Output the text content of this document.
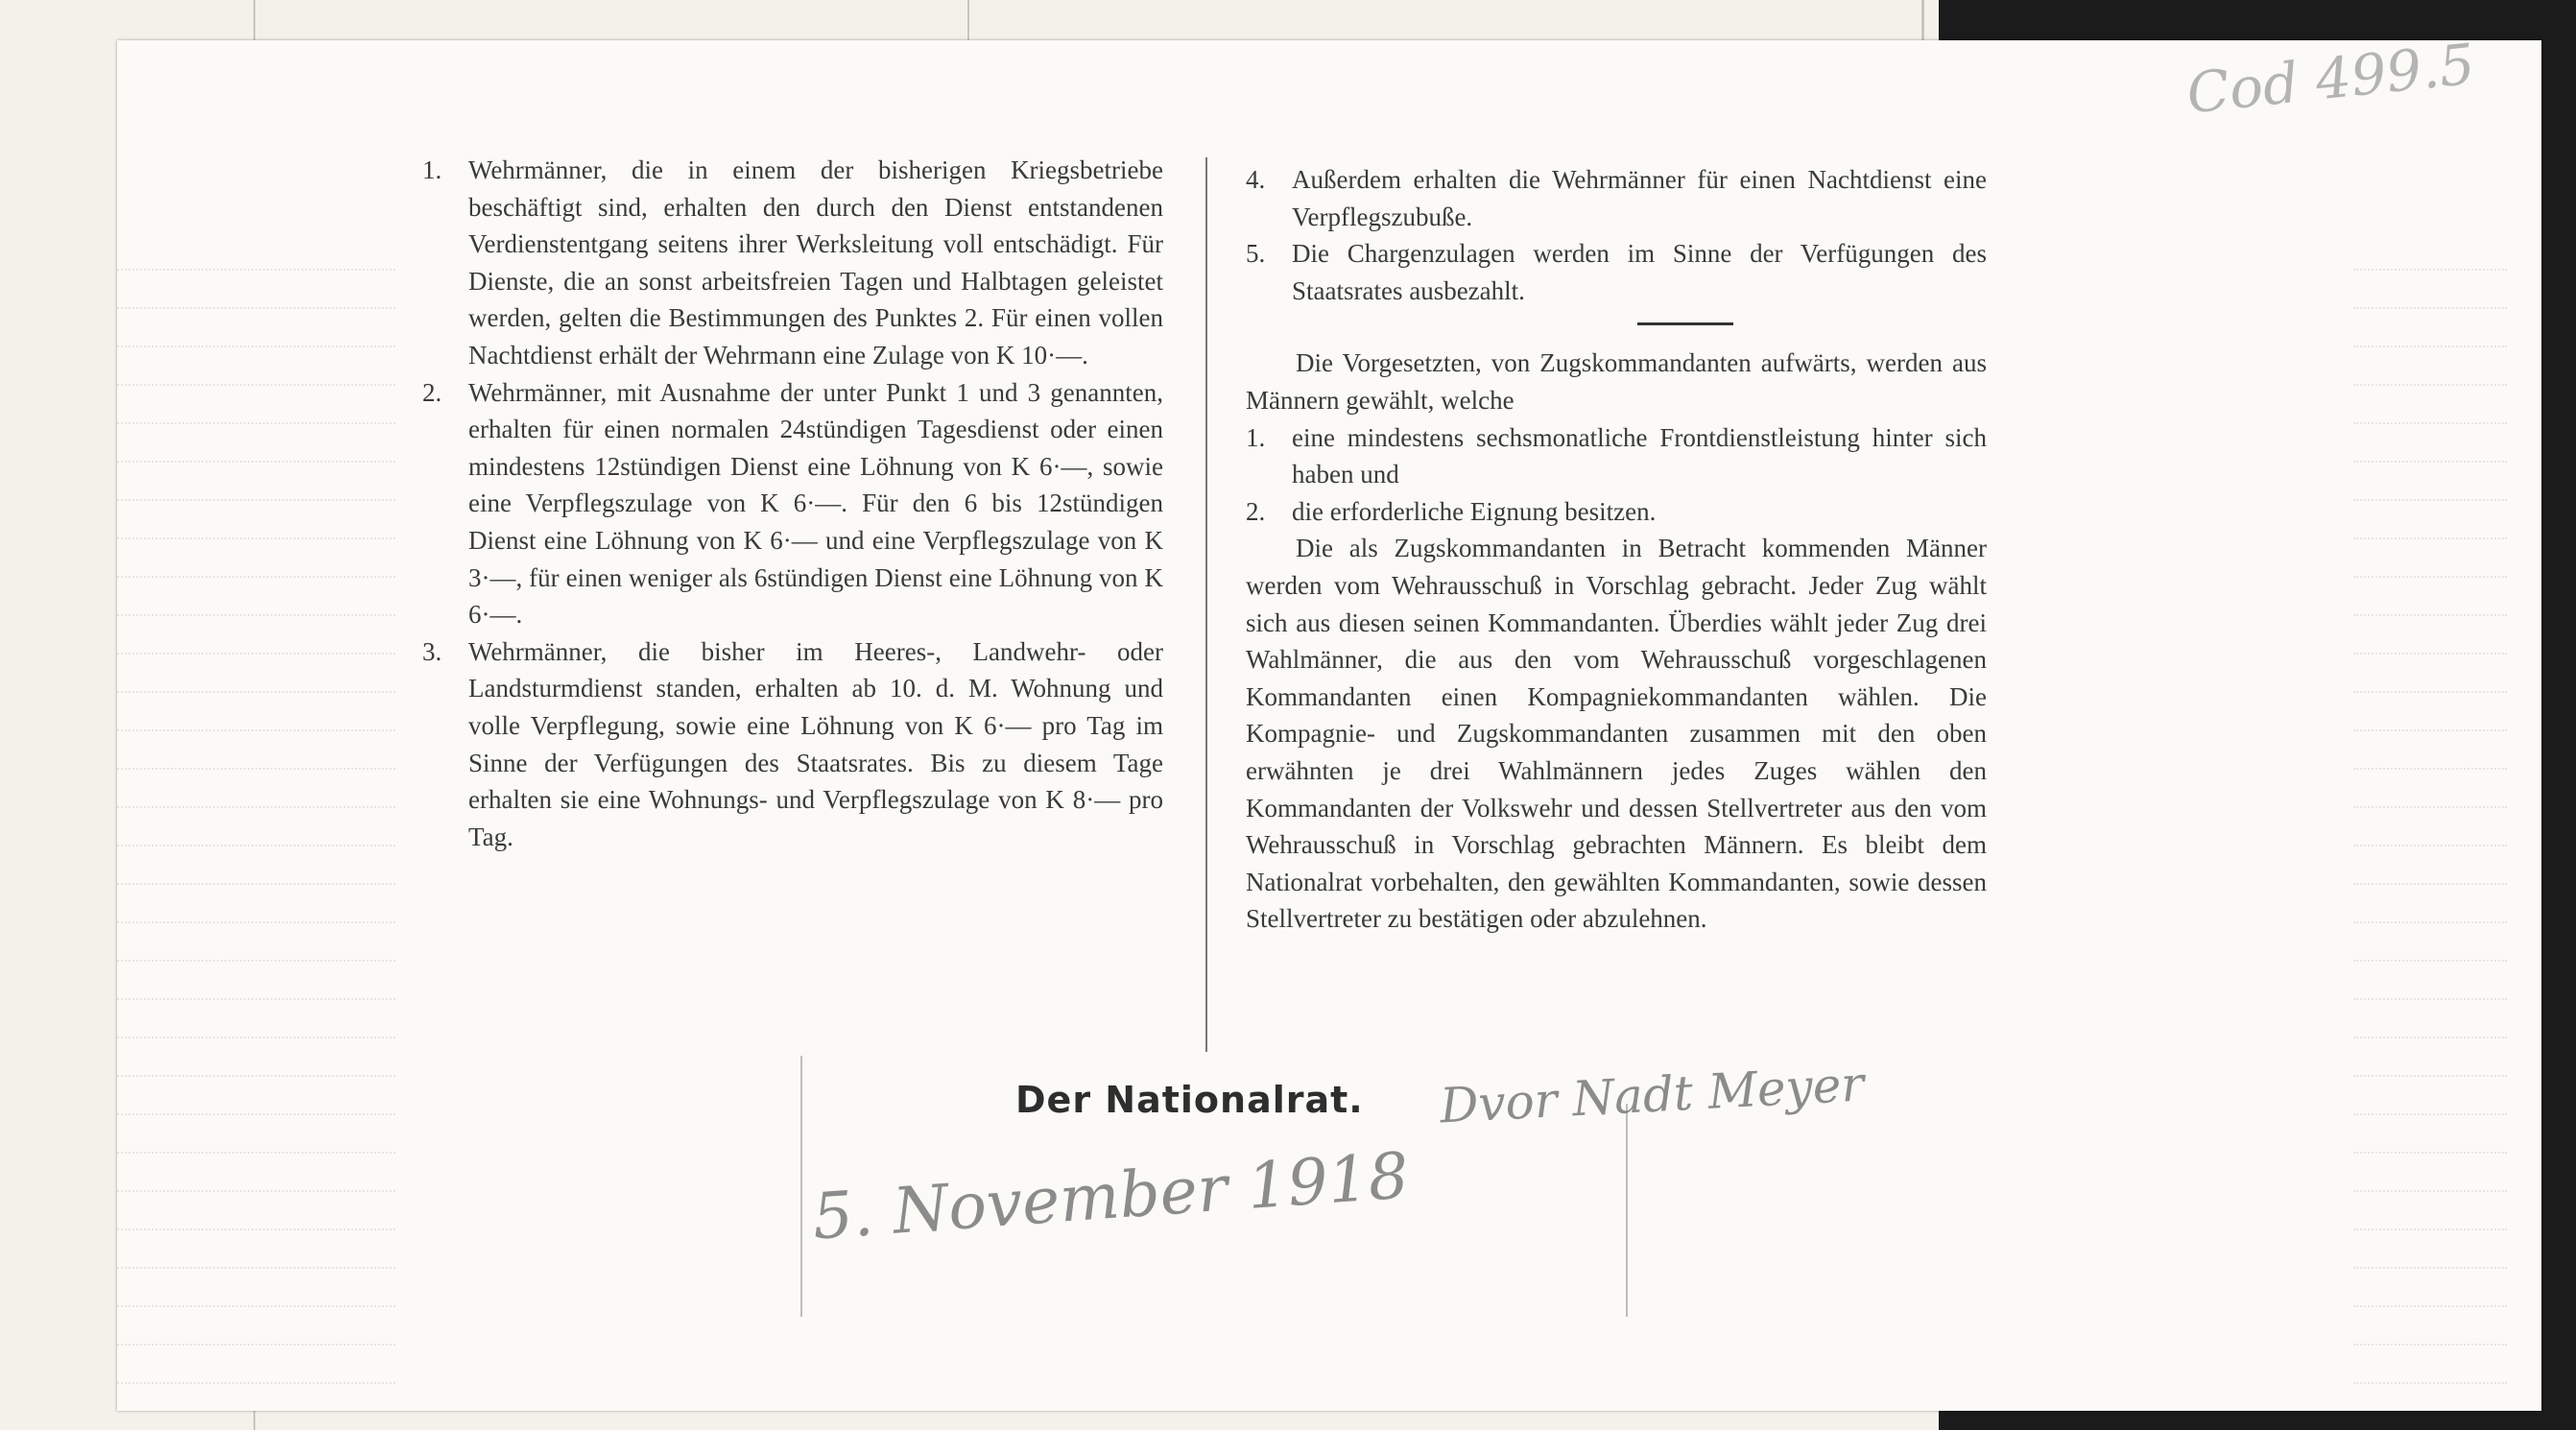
Cod 499.5

1. Wehrmänner, die in einem der bisherigen Kriegsbetriebe beschäftigt sind, erhalten den durch den Dienst entstandenen Verdienstentgang seitens ihrer Werksleitung voll entschädigt. Für Dienste, die an sonst arbeitsfreien Tagen und Halbtagen geleistet werden, gelten die Bestimmungen des Punktes 2. Für einen vollen Nachtdienst erhält der Wehrmann eine Zulage von K 10·—.

2. Wehrmänner, mit Ausnahme der unter Punkt 1 und 3 genannten, erhalten für einen normalen 24stündigen Tagesdienst oder einen mindestens 12stündigen Dienst eine Löhnung von K 6·—, sowie eine Verpflegszulage von K 6·—. Für den 6 bis 12stündigen Dienst eine Löhnung von K 6·— und eine Verpflegszulage von K 3·—, für einen weniger als 6stündigen Dienst eine Löhnung von K 6·—.

3. Wehrmänner, die bisher im Heeres-, Landwehr- oder Landsturmdienst standen, erhalten ab 10. d. M. Wohnung und volle Verpflegung, sowie eine Löhnung von K 6·— pro Tag im Sinne der Verfügungen des Staatsrates. Bis zu diesem Tage erhalten sie eine Wohnungs- und Verpflegszulage von K 8·— pro Tag.

4. Außerdem erhalten die Wehrmänner für einen Nachtdienst eine Verpflegszubuße.

5. Die Chargenzulagen werden im Sinne der Verfügungen des Staatsrates ausbezahlt.

Die Vorgesetzten, von Zugskommandanten aufwärts, werden aus Männern gewählt, welche

1. eine mindestens sechsmonatliche Frontdienstleistung hinter sich haben und

2. die erforderliche Eignung besitzen.

Die als Zugskommandanten in Betracht kommenden Männer werden vom Wehrausschuß in Vorschlag gebracht. Jeder Zug wählt sich aus diesen seinen Kommandanten. Überdies wählt jeder Zug drei Wahlmänner, die aus den vom Wehrausschuß vorgeschlagenen Kommandanten einen Kompagniekommandanten wählen. Die Kompagnie- und Zugskommandanten zusammen mit den oben erwähnten je drei Wahlmännern jedes Zuges wählen den Kommandanten der Volkswehr und dessen Stellvertreter aus den vom Wehrausschuß in Vorschlag gebrachten Männern. Es bleibt dem Nationalrat vorbehalten, den gewählten Kommandanten, sowie dessen Stellvertreter zu bestätigen oder abzulehnen.

Der Nationalrat. Dvor Nadt Meyer
5. November 1918
